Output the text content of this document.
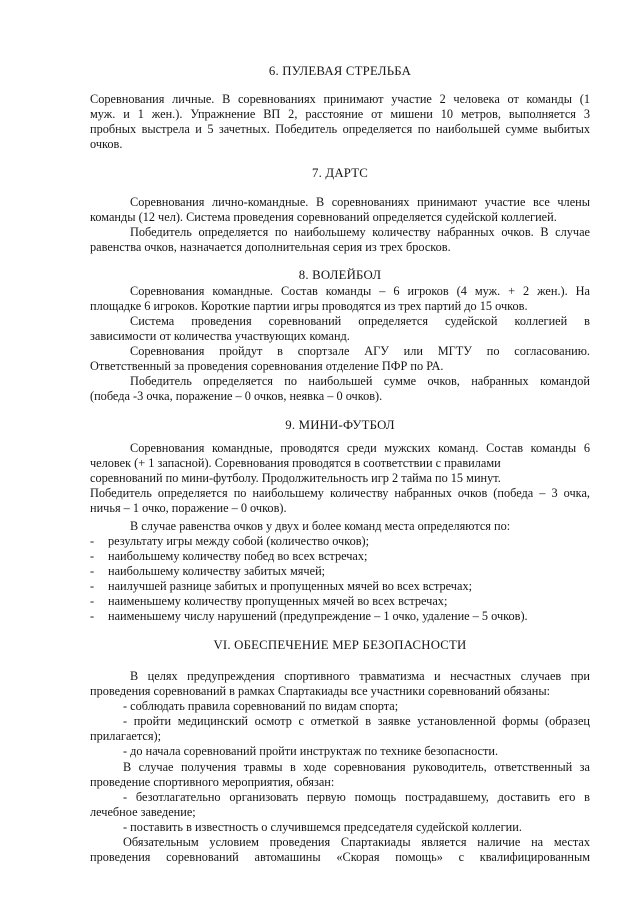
6. ПУЛЕВАЯ СТРЕЛЬБА
Соревнования личные. В соревнованиях принимают участие 2 человека от команды (1
муж. и 1 жен.). Упражнение ВП 2, расстояние от мишени 10 метров, выполняется 3
пробных выстрела и 5 зачетных. Победитель определяется по наибольшей сумме выбитых
очков.
7. ДАРТС
Соревнования лично-командные. В соревнованиях принимают участие все члены
команды (12 чел). Система проведения соревнований определяется судейской коллегией.
Победитель определяется по наибольшему количеству набранных очков. В случае
равенства очков, назначается дополнительная серия из трех бросков.
8. ВОЛЕЙБОЛ
Соревнования командные. Состав команды – 6 игроков (4 муж. + 2 жен.). На
площадке 6 игроков. Короткие партии игры проводятся из трех партий до 15 очков.
Система проведения соревнований определяется судейской коллегией в
зависимости от количества участвующих команд.
Соревнования пройдут в спортзале АГУ или МГТУ по согласованию.
Ответственный за проведения соревнования отделение ПФР по РА.
Победитель определяется по наибольшей сумме очков, набранных командой
(победа -3 очка, поражение – 0 очков, неявка – 0 очков).
9. МИНИ-ФУТБОЛ
Соревнования командные, проводятся среди мужских команд. Состав команды 6
человек (+ 1 запасной). Соревнования проводятся в соответствии с правилами
соревнований по мини-футболу. Продолжительность игр 2 тайма по 15 минут.
Победитель определяется по наибольшему количеству набранных очков (победа – 3 очка,
ничья – 1 очко, поражение – 0 очков).
В случае равенства очков у двух и более команд места определяются по:
- результату игры между собой (количество очков);
- наибольшему количеству побед во всех встречах;
- наибольшему количеству забитых мячей;
- наилучшей разнице забитых и пропущенных мячей во всех встречах;
- наименьшему количеству пропущенных мячей во всех встречах;
- наименьшему числу нарушений (предупреждение – 1 очко, удаление – 5 очков).
VI. ОБЕСПЕЧЕНИЕ МЕР БЕЗОПАСНОСТИ
В целях предупреждения спортивного травматизма и несчастных случаев при
проведения соревнований в рамках Спартакиады все участники соревнований обязаны:
- соблюдать правила соревнований по видам спорта;
- пройти медицинский осмотр с отметкой в заявке установленной формы (образец
прилагается);
- до начала соревнований пройти инструктаж по технике безопасности.
В случае получения травмы в ходе соревнования руководитель, ответственный за
проведение спортивного мероприятия, обязан:
- безотлагательно организовать первую помощь пострадавшему, доставить его в
лечебное заведение;
- поставить в известность о случившемся председателя судейской коллегии.
Обязательным условием проведения Спартакиады является наличие на местах
проведения соревнований автомашины «Скорая помощь» с квалифицированным
